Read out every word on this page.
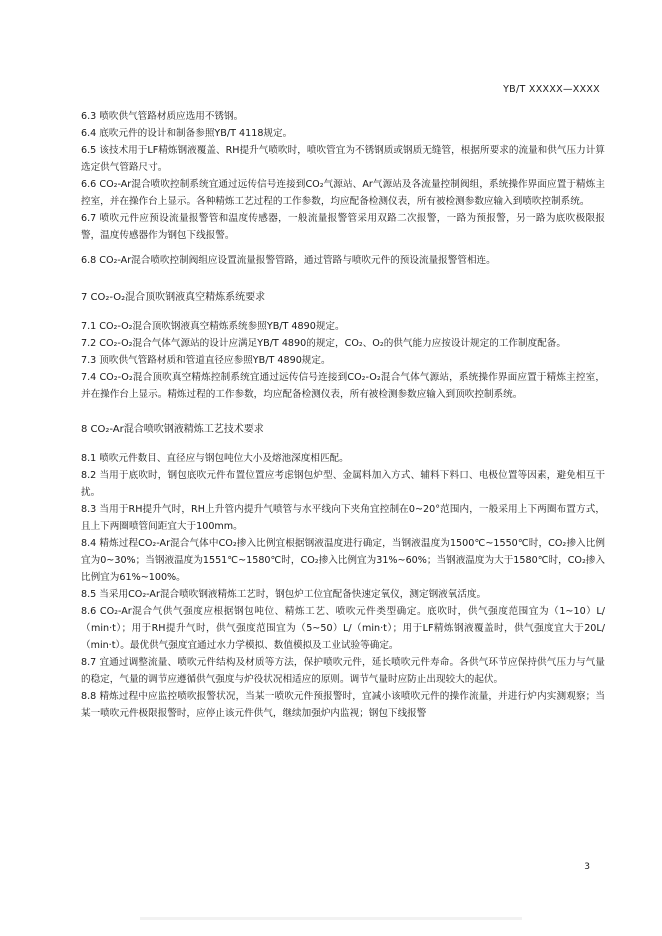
YB/T XXXXX—XXXX

6.3 喷吹供气管路材质应选用不锈钢。

6.4 底吹元件的设计和制备参照YB/T 4118规定。

6.5 该技术用于LF精炼钢液覆盖、RH提升气喷吹时，喷吹管宜为不锈钢质或钢质无缝管，根据所要求的流量和供气压力计算选定供气管路尺寸。

6.6 CO₂-Ar混合喷吹控制系统宜通过远传信号连接到CO₂气源站、Ar气源站及各流量控制阀组，系统操作界面应置于精炼主控室，并在操作台上显示。各种精炼工艺过程的工作参数，均应配备检测仪表，所有被检测参数应输入到喷吹控制系统。

6.7 喷吹元件应预设流量报警管和温度传感器，一般流量报警管采用双路二次报警，一路为预报警，另一路为底吹极限报警，温度传感器作为钢包下线报警。

6.8 CO₂-Ar混合喷吹控制阀组应设置流量报警管路，通过管路与喷吹元件的预设流量报警管相连。

7 CO₂-O₂混合顶吹钢液真空精炼系统要求

7.1 CO₂-O₂混合顶吹钢液真空精炼系统参照YB/T 4890规定。

7.2 CO₂-O₂混合气体气源站的设计应满足YB/T 4890的规定，CO₂、O₂的供气能力应按设计规定的工作制度配备。

7.3 顶吹供气管路材质和管道直径应参照YB/T 4890规定。

7.4 CO₂-O₂混合顶吹真空精炼控制系统宜通过远传信号连接到CO₂-O₂混合气体气源站，系统操作界面应置于精炼主控室，并在操作台上显示。精炼过程的工作参数，均应配备检测仪表，所有被检测参数应输入到顶吹控制系统。

8 CO₂-Ar混合喷吹钢液精炼工艺技术要求

8.1 喷吹元件数目、直径应与钢包吨位大小及熔池深度相匹配。

8.2 当用于底吹时，钢包底吹元件布置位置应考虑钢包炉型、金属料加入方式、辅料下料口、电极位置等因素，避免相互干扰。

8.3 当用于RH提升气时，RH上升管内提升气喷管与水平线向下夹角宜控制在0~20°范围内，一般采用上下两圈布置方式，且上下两圈喷管间距宜大于100mm。

8.4 精炼过程CO₂-Ar混合气体中CO₂掺入比例宜根据钢液温度进行确定，当钢液温度为1500℃~1550℃时，CO₂掺入比例宜为0~30%；当钢液温度为1551℃~1580℃时，CO₂掺入比例宜为31%~60%；当钢液温度为大于1580℃时，CO₂掺入比例宜为61%~100%。

8.5 当采用CO₂-Ar混合喷吹钢液精炼工艺时，钢包炉工位宜配备快速定氧仪，测定钢液氧活度。

8.6 CO₂-Ar混合气供气强度应根据钢包吨位、精炼工艺、喷吹元件类型确定。底吹时，供气强度范围宜为（1~10）L/（min·t）；用于RH提升气时，供气强度范围宜为（5~50）L/（min·t）；用于LF精炼钢液覆盖时，供气强度宜大于20L/（min·t）。最优供气强度宜通过水力学模拟、数值模拟及工业试验等确定。

8.7 宜通过调整流量、喷吹元件结构及材质等方法，保护喷吹元件，延长喷吹元件寿命。各供气环节应保持供气压力与气量的稳定，气量的调节应遵循供气强度与炉役状况相适应的原则。调节气量时应防止出现较大的起伏。

8.8 精炼过程中应监控喷吹报警状况，当某一喷吹元件预报警时，宜减小该喷吹元件的操作流量，并进行炉内实测观察；当某一喷吹元件极限报警时，应停止该元件供气，继续加强炉内监视；钢包下线报警

3
